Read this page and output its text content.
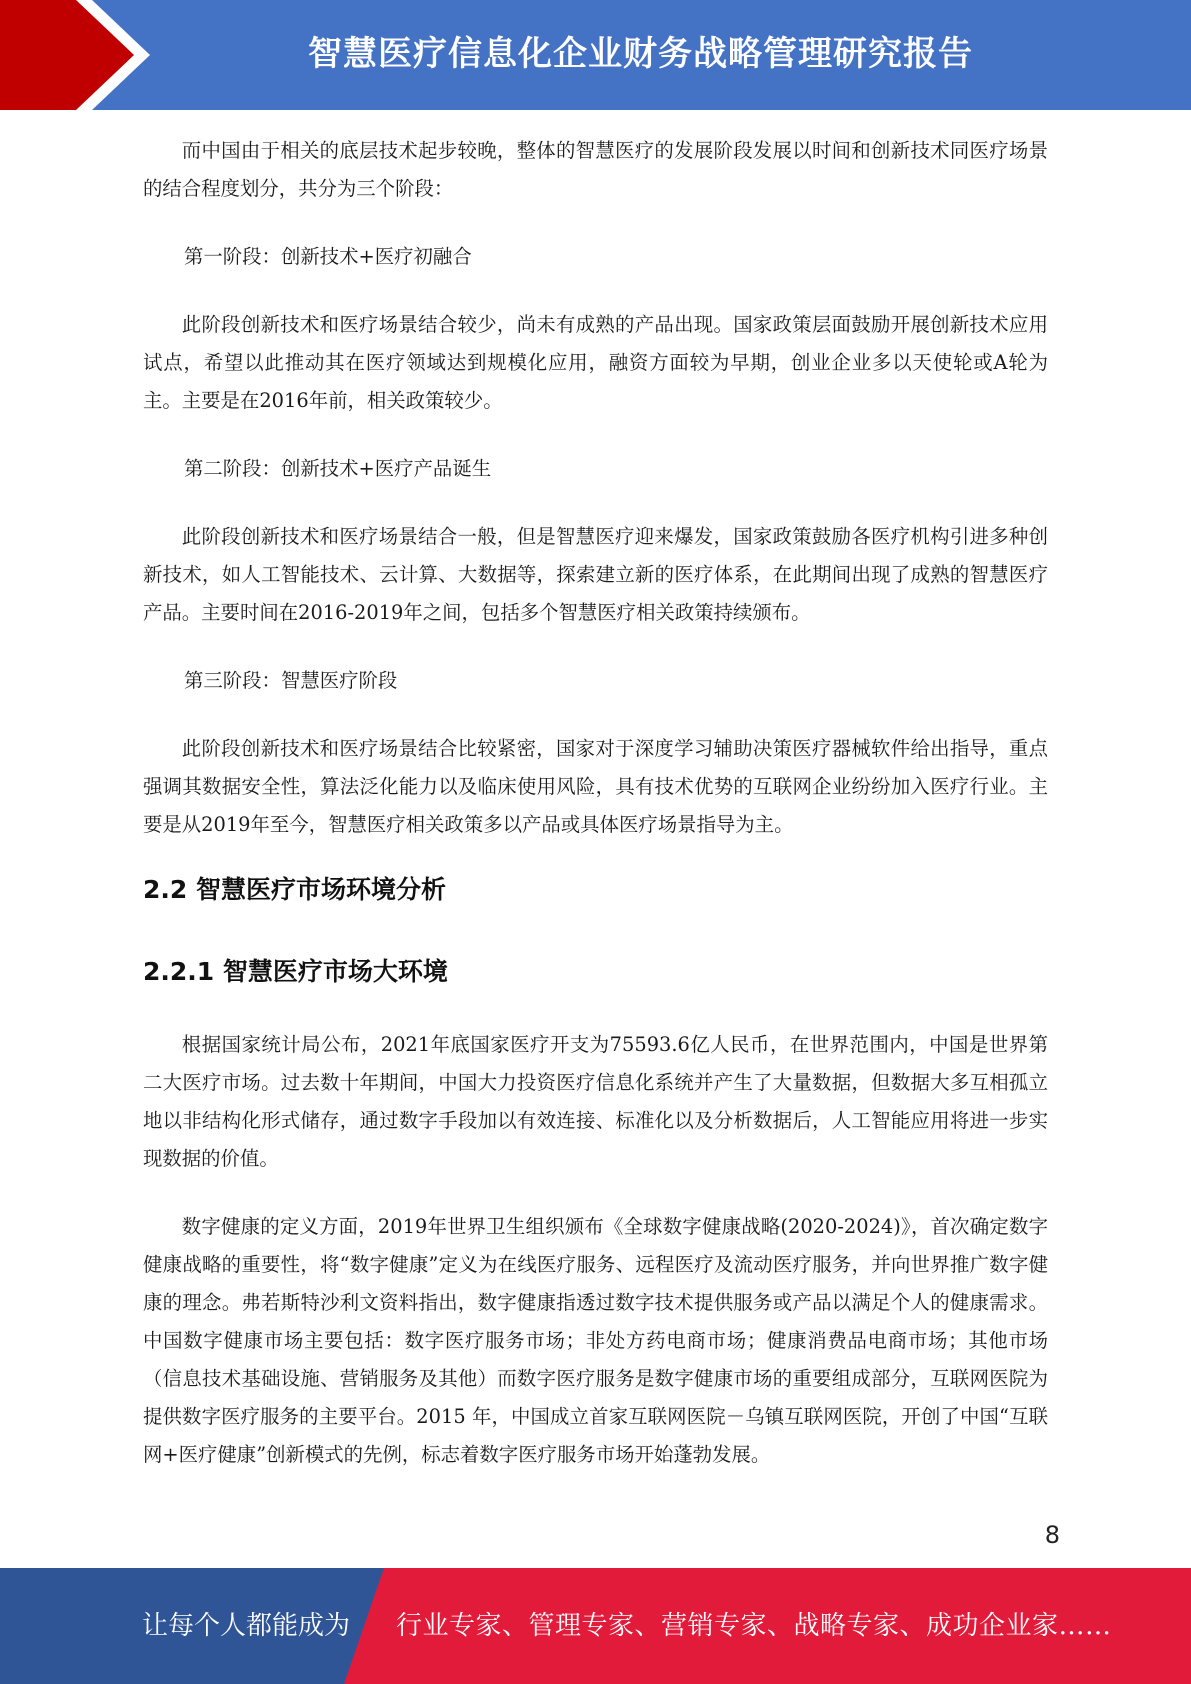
智慧医疗信息化企业财务战略管理研究报告

而中国由于相关的底层技术起步较晚，整体的智慧医疗的发展阶段发展以时间和创新技术同医疗场景的结合程度划分，共分为三个阶段：

第一阶段：创新技术+医疗初融合

此阶段创新技术和医疗场景结合较少，尚未有成熟的产品出现。国家政策层面鼓励开展创新技术应用试点，希望以此推动其在医疗领域达到规模化应用，融资方面较为早期，创业企业多以天使轮或A轮为主。主要是在2016年前，相关政策较少。

第二阶段：创新技术+医疗产品诞生

此阶段创新技术和医疗场景结合一般，但是智慧医疗迎来爆发，国家政策鼓励各医疗机构引进多种创新技术，如人工智能技术、云计算、大数据等，探索建立新的医疗体系，在此期间出现了成熟的智慧医疗产品。主要时间在2016-2019年之间，包括多个智慧医疗相关政策持续颁布。

第三阶段：智慧医疗阶段

此阶段创新技术和医疗场景结合比较紧密，国家对于深度学习辅助决策医疗器械软件给出指导，重点强调其数据安全性，算法泛化能力以及临床使用风险，具有技术优势的互联网企业纷纷加入医疗行业。主要是从2019年至今，智慧医疗相关政策多以产品或具体医疗场景指导为主。

2.2 智慧医疗市场环境分析
2.2.1 智慧医疗市场大环境

根据国家统计局公布，2021年底国家医疗开支为75593.6亿人民币，在世界范围内，中国是世界第二大医疗市场。过去数十年期间，中国大力投资医疗信息化系统并产生了大量数据，但数据大多互相孤立地以非结构化形式储存，通过数字手段加以有效连接、标准化以及分析数据后，人工智能应用将进一步实现数据的价值。

数字健康的定义方面，2019年世界卫生组织颁布《全球数字健康战略(2020-2024)》，首次确定数字健康战略的重要性，将“数字健康”定义为在线医疗服务、远程医疗及流动医疗服务，并向世界推广数字健康的理念。弗若斯特沙利文资料指出，数字健康指透过数字技术提供服务或产品以满足个人的健康需求。中国数字健康市场主要包括：数字医疗服务市场；非处方药电商市场；健康消费品电商市场；其他市场（信息技术基础设施、营销服务及其他）而数字医疗服务是数字健康市场的重要组成部分，互联网医院为提供数字医疗服务的主要平台。2015 年，中国成立首家互联网医院－乌镇互联网医院，开创了中国“互联网+医疗健康”创新模式的先例，标志着数字医疗服务市场开始蓬勃发展。

8
让每个人都能成为 行业专家、管理专家、营销专家、战略专家、成功企业家……
